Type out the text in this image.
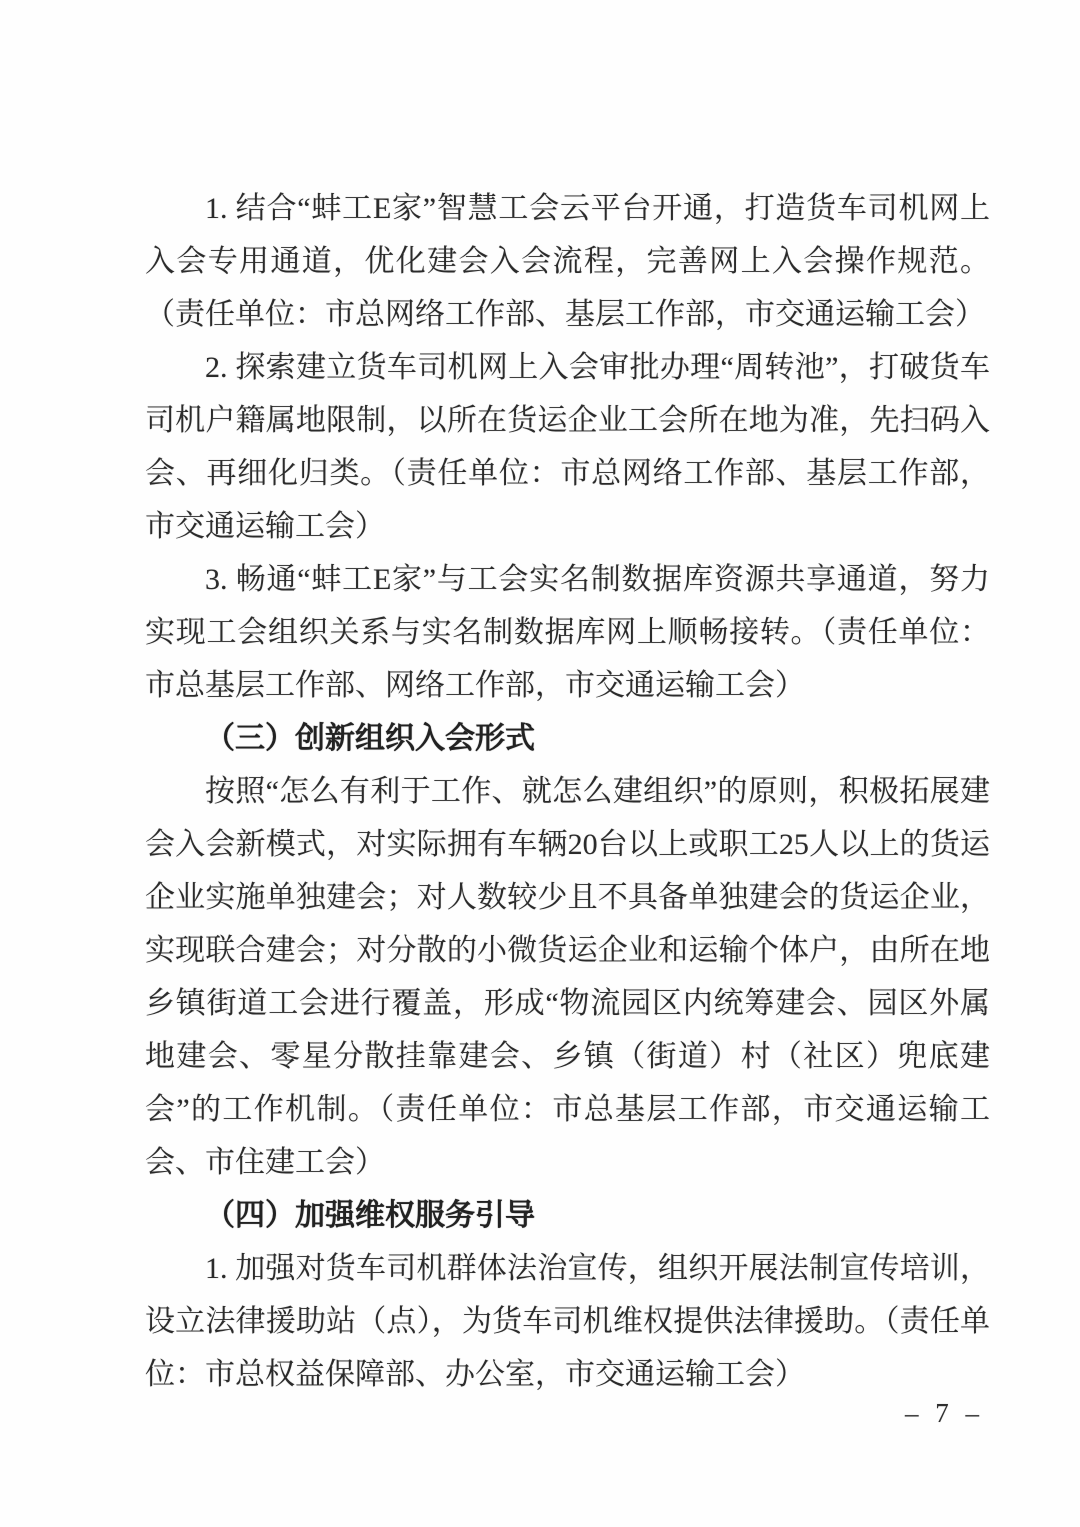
1. 结合“蚌工E家”智慧工会云平台开通，打造货车司机网上入会专用通道，优化建会入会流程，完善网上入会操作规范。（责任单位：市总网络工作部、基层工作部，市交通运输工会）

2. 探索建立货车司机网上入会审批办理“周转池”，打破货车司机户籍属地限制，以所在货运企业工会所在地为准，先扫码入会、再细化归类。（责任单位：市总网络工作部、基层工作部，市交通运输工会）

3. 畅通“蚌工E家”与工会实名制数据库资源共享通道，努力实现工会组织关系与实名制数据库网上顺畅接转。（责任单位：市总基层工作部、网络工作部，市交通运输工会）

（三）创新组织入会形式

按照“怎么有利于工作、就怎么建组织”的原则，积极拓展建会入会新模式，对实际拥有车辆20台以上或职工25人以上的货运企业实施单独建会；对人数较少且不具备单独建会的货运企业，实现联合建会；对分散的小微货运企业和运输个体户，由所在地乡镇街道工会进行覆盖，形成“物流园区内统筹建会、园区外属地建会、零星分散挂靠建会、乡镇（街道）村（社区）兜底建会”的工作机制。（责任单位：市总基层工作部，市交通运输工会、市住建工会）

（四）加强维权服务引导

1. 加强对货车司机群体法治宣传，组织开展法制宣传培训，设立法律援助站（点），为货车司机维权提供法律援助。（责任单位：市总权益保障部、办公室，市交通运输工会）

– 7 –
